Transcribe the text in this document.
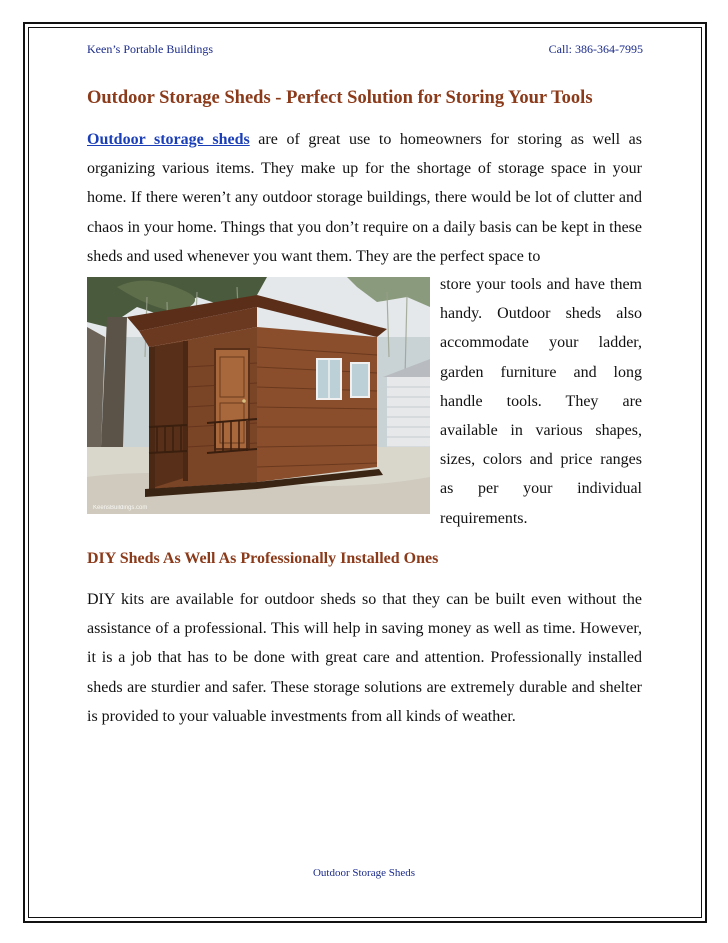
Keen’s Portable Buildings	Call: 386-364-7995
Outdoor Storage Sheds - Perfect Solution for Storing Your Tools
Outdoor storage sheds are of great use to homeowners for storing as well as organizing various items. They make up for the shortage of storage space in your home. If there weren’t any outdoor storage buildings, there would be lot of clutter and chaos in your home. Things that you don’t require on a daily basis can be kept in these sheds and used whenever you want them. They are the perfect space to
KeensBuildings.com
store your tools and have them handy. Outdoor sheds also accommodate your ladder, garden furniture and long handle tools. They are available in various shapes, sizes, colors and price ranges as per your individual requirements.
DIY Sheds As Well As Professionally Installed Ones
DIY kits are available for outdoor sheds so that they can be built even without the assistance of a professional. This will help in saving money as well as time. However, it is a job that has to be done with great care and attention. Professionally installed sheds are sturdier and safer. These storage solutions are extremely durable and shelter is provided to your valuable investments from all kinds of weather.
Outdoor Storage Sheds
